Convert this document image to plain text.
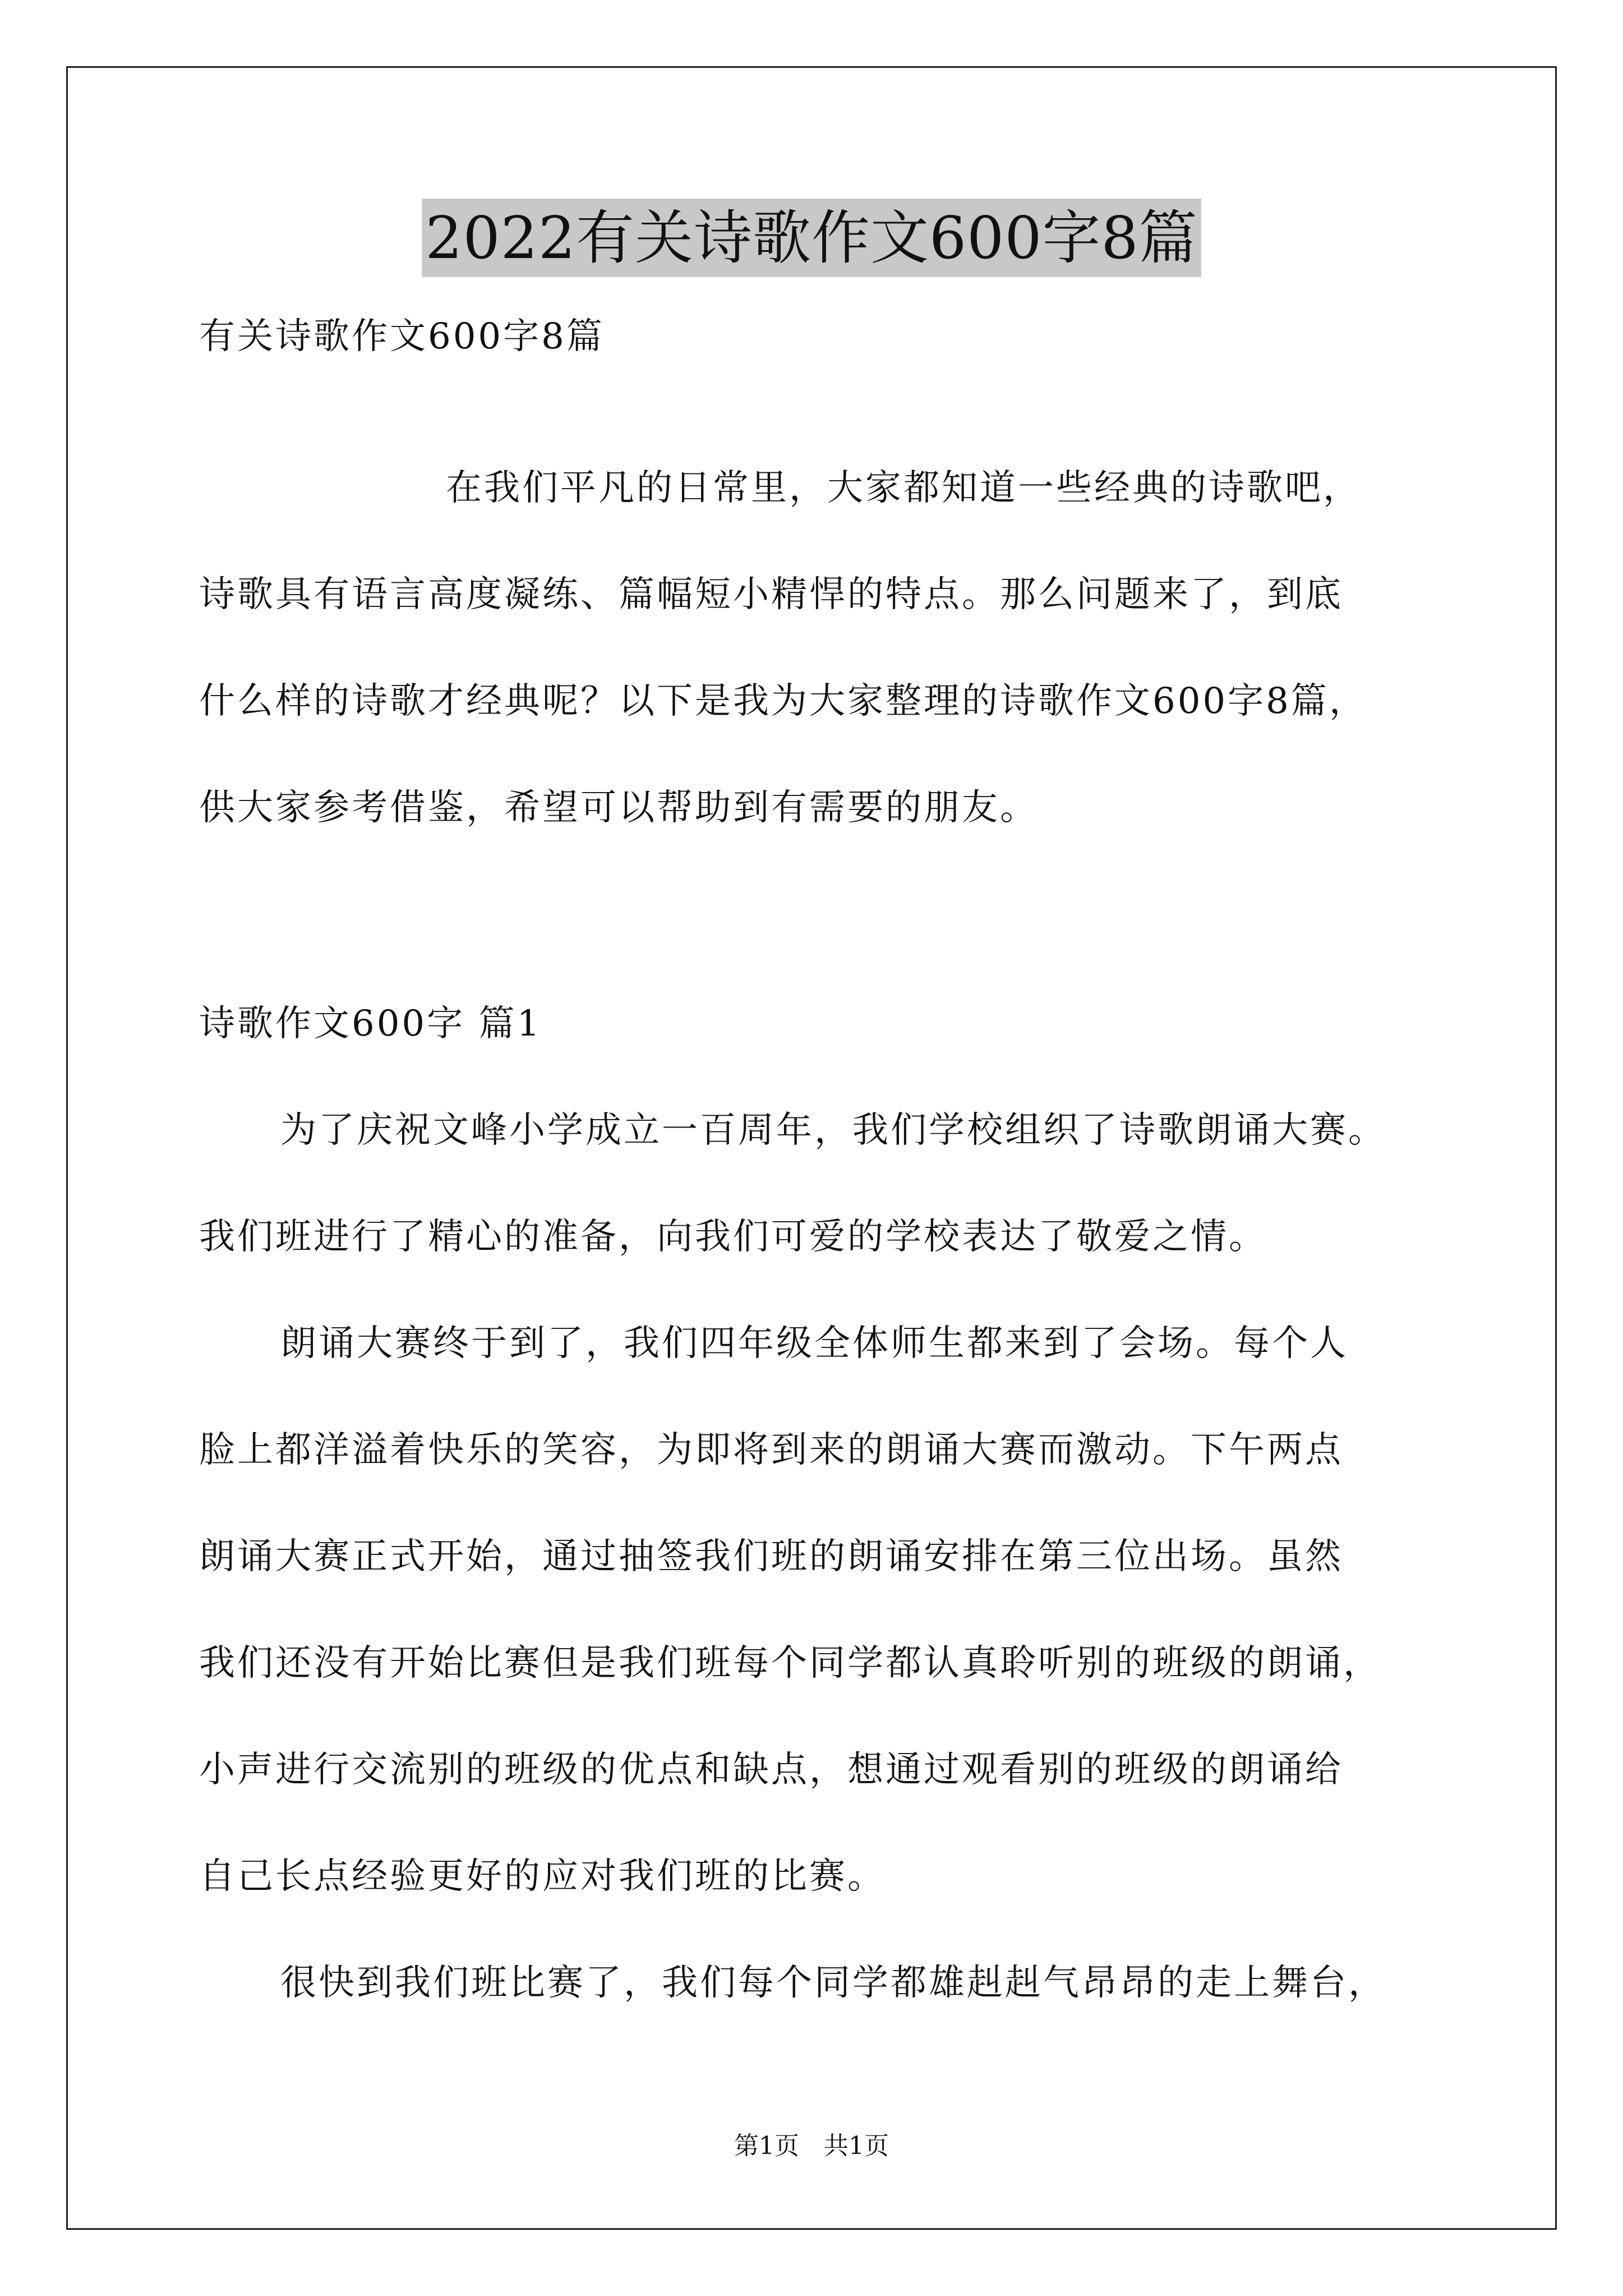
2022有关诗歌作文600字8篇
有关诗歌作文600字8篇
在我们平凡的日常里，大家都知道一些经典的诗歌吧，
诗歌具有语言高度凝练、篇幅短小精悍的特点。那么问题来了，到底
什么样的诗歌才经典呢？以下是我为大家整理的诗歌作文600字8篇，
供大家参考借鉴，希望可以帮助到有需要的朋友。
诗歌作文600字 篇1
为了庆祝文峰小学成立一百周年，我们学校组织了诗歌朗诵大赛。
我们班进行了精心的准备，向我们可爱的学校表达了敬爱之情。
朗诵大赛终于到了，我们四年级全体师生都来到了会场。每个人
脸上都洋溢着快乐的笑容，为即将到来的朗诵大赛而激动。下午两点
朗诵大赛正式开始，通过抽签我们班的朗诵安排在第三位出场。虽然
我们还没有开始比赛但是我们班每个同学都认真聆听别的班级的朗诵，
小声进行交流别的班级的优点和缺点，想通过观看别的班级的朗诵给
自己长点经验更好的应对我们班的比赛。
很快到我们班比赛了，我们每个同学都雄赳赳气昂昂的走上舞台，
第1页　共1页
